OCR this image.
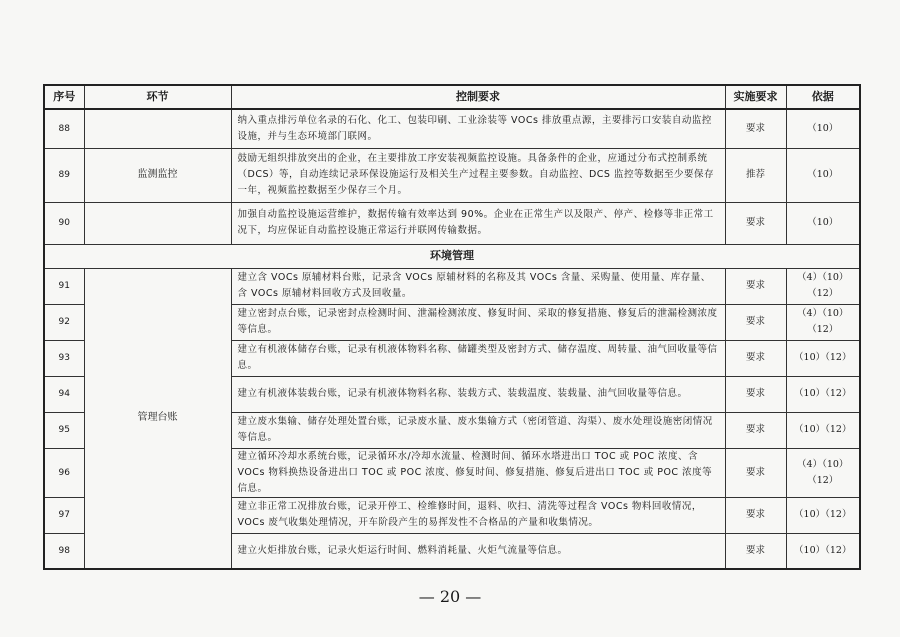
序号	环节	控制要求	实施要求	依据
88		纳入重点排污单位名录的石化、化工、包装印刷、工业涂装等 VOCs 排放重点源，主要排污口安装自动监控设施，并与生态环境部门联网。	要求	（10）
89	监测监控	鼓励无组织排放突出的企业，在主要排放工序安装视频监控设施。具备条件的企业，应通过分布式控制系统（DCS）等，自动连续记录环保设施运行及相关生产过程主要参数。自动监控、DCS 监控等数据至少要保存一年，视频监控数据至少保存三个月。	推荐	（10）
90		加强自动监控设施运营维护，数据传输有效率达到 90%。企业在正常生产以及限产、停产、检修等非正常工况下，均应保证自动监控设施正常运行并联网传输数据。	要求	（10）
环境管理				
91	管理台账	建立含 VOCs 原辅材料台账，记录含 VOCs 原辅材料的名称及其 VOCs 含量、采购量、使用量、库存量、含 VOCs 原辅材料回收方式及回收量。	要求	（4）（10）（12）
92		建立密封点台账，记录密封点检测时间、泄漏检测浓度、修复时间、采取的修复措施、修复后的泄漏检测浓度等信息。	要求	（4）（10）（12）
93		建立有机液体储存台账，记录有机液体物料名称、储罐类型及密封方式、储存温度、周转量、油气回收量等信息。	要求	（10）（12）
94		建立有机液体装载台账，记录有机液体物料名称、装载方式、装载温度、装载量、油气回收量等信息。	要求	（10）（12）
95		建立废水集输、储存处理处置台账，记录废水量、废水集输方式（密闭管道、沟渠）、废水处理设施密闭情况等信息。	要求	（10）（12）
96		建立循环冷却水系统台账，记录循环水/冷却水流量、检测时间、循环水塔进出口 TOC 或 POC 浓度、含 VOCs 物料换热设备进出口 TOC 或 POC 浓度、修复时间、修复措施、修复后进出口 TOC 或 POC 浓度等信息。	要求	（4）（10）（12）
97		建立非正常工况排放台账，记录开停工、检维修时间，退料、吹扫、清洗等过程含 VOCs 物料回收情况，VOCs 废气收集处理情况，开车阶段产生的易挥发性不合格品的产量和收集情况。	要求	（10）（12）
98		建立火炬排放台账，记录火炬运行时间、燃料消耗量、火炬气流量等信息。	要求	（10）（12）
— 20 —
